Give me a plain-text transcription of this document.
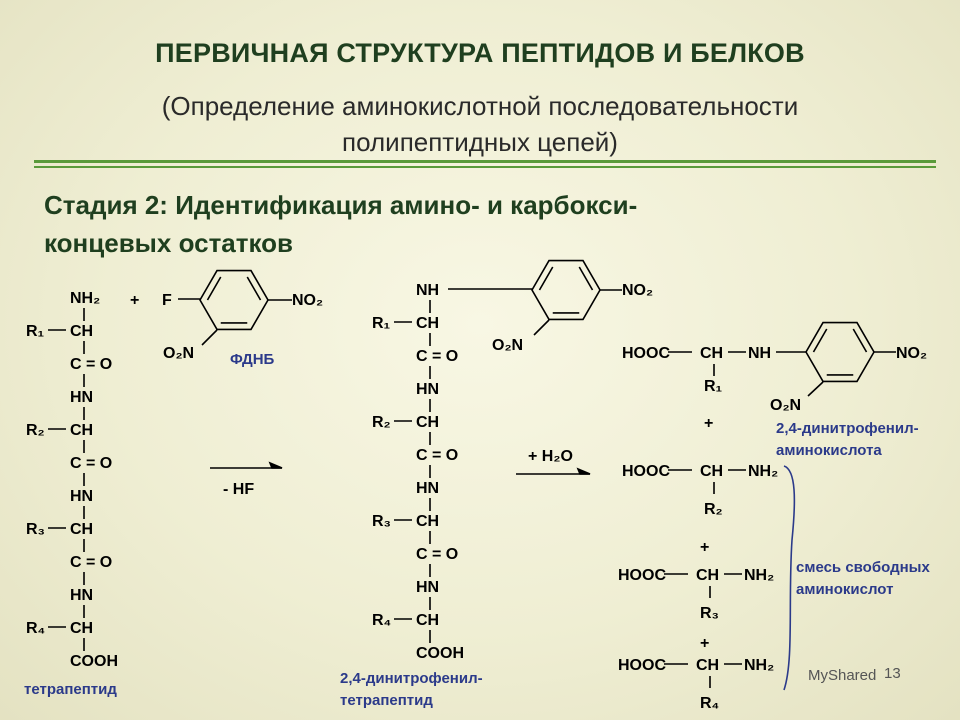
ПЕРВИЧНАЯ СТРУКТУРА ПЕПТИДОВ И БЕЛКОВ
(Определение аминокислотной последовательности
полипептидных цепей)
Стадия 2: Идентификация амино- и карбокси-
концевых остатков
NH₂
CH
C = O
HN
CH
C = O
HN
CH
C = O
HN
CH
COOH
R₁
R₂
R₃
R₄
тетрапептид
+ F	NO₂
O₂N ФДНБ
- HF
NH
CH
C = O
HN
CH
C = O
HN
CH
C = O
HN
CH
COOH
R₁
R₂
R₃
R₄
NO₂
O₂N
2,4-динитрофенил-
тетрапептид
+ H₂O
HOOC CH NH	NO₂
O₂N
R₁
2,4-динитрофенил-
аминокислота
+
HOOC CH NH₂
R₂
+
HOOC CH NH₂
R₃
+
HOOC CH NH₂
R₄
смесь свободных
аминокислот
MyShared 13
